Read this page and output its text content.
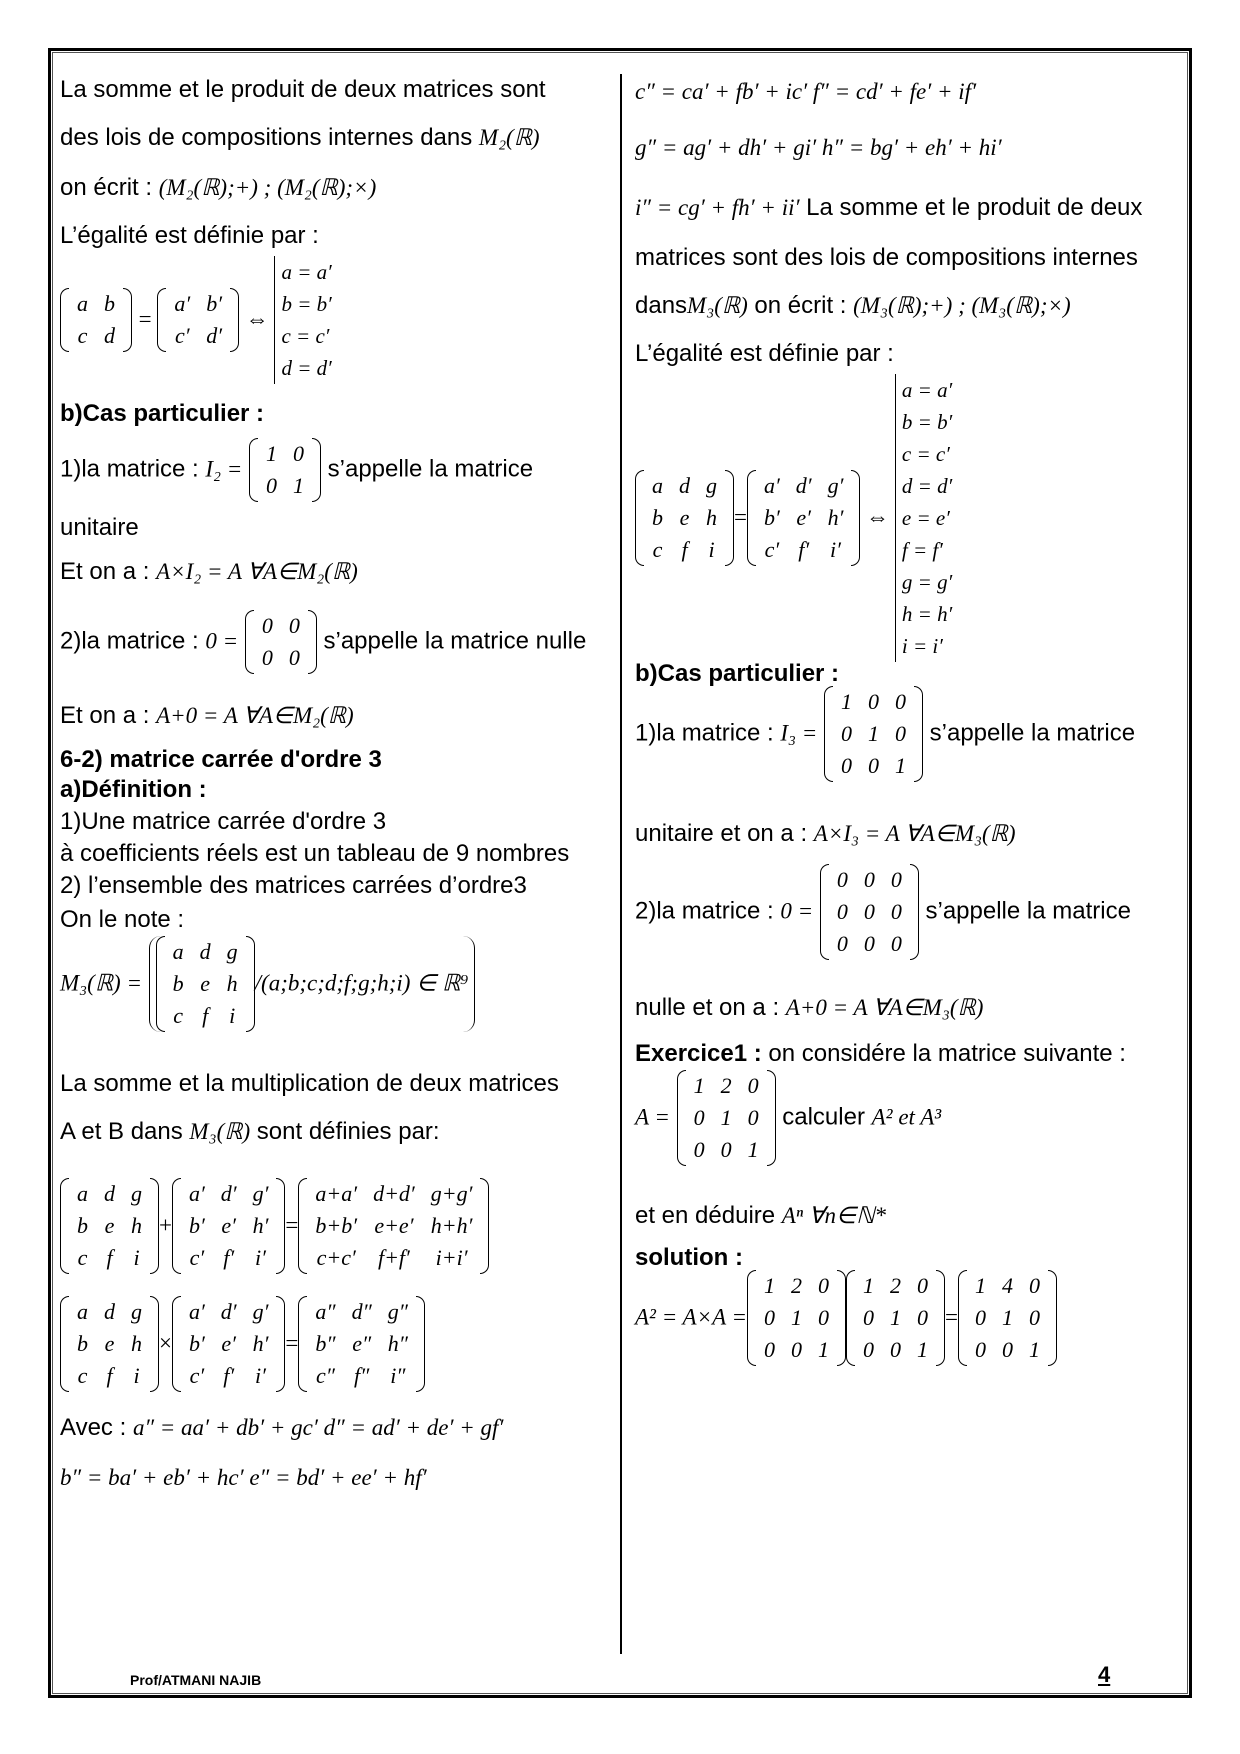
La somme et le produit de deux matrices sont
des lois de compositions internes dans M₂(ℝ)
on écrit : (M₂(ℝ);+) ; (M₂(ℝ);×)
L’égalité est définie par :
a	b
c	d
=
a′	b′
c′	d′
⇔
a = a′
b = b′
c = c′
d = d′
b)Cas particulier :
1)la matrice : I₂ =
1	0
0	1
s’appelle la matrice
unitaire
Et on a : A×I₂ = A ∀A∈M₂(ℝ)
2)la matrice : 0 =
0	0
0	0
s’appelle la matrice nulle
Et on a : A+0 = A ∀A∈M₂(ℝ)
6-2) matrice carrée d'ordre 3
a)Définition :
1)Une matrice carrée d'ordre 3
à coefficients réels est un tableau de 9 nombres
2) l’ensemble des matrices carrées d’ordre3
On le note :
M₃(ℝ) =
a	d	g
b	e	h
c	f	i
/(a;b;c;d;f;g;h;i) ∈ ℝ⁹
La somme et la multiplication de deux matrices
A et B dans M₃(ℝ) sont définies par:
a	d	g
b	e	h
c	f	i
+
a′	d′	g′
b′	e′	h′
c′	f′	i′
=
a+a′	d+d′	g+g′
b+b′	e+e′	h+h′
c+c′	f+f′	i+i′
a	d	g
b	e	h
c	f	i
×
a′	d′	g′
b′	e′	h′
c′	f′	i′
=
a″	d″	g″
b″	e″	h″
c″	f″	i″
Avec : a″ = aa′ + db′ + gc′ d″ = ad′ + de′ + gf′
b″ = ba′ + eb′ + hc′ e″ = bd′ + ee′ + hf′
c″ = ca′ + fb′ + ic′ f″ = cd′ + fe′ + if′
g″ = ag′ + dh′ + gi′ h″ = bg′ + eh′ + hi′
i″ = cg′ + fh′ + ii′ La somme et le produit de deux
matrices sont des lois de compositions internes
dansM₃(ℝ) on écrit : (M₃(ℝ);+) ; (M₃(ℝ);×)
L’égalité est définie par :
a	d	g
b	e	h
c	f	i
=
a′	d′	g′
b′	e′	h′
c′	f′	i′
⇔
a = a′
b = b′
c = c′
d = d′
e = e′
f = f′
g = g′
h = h′
i = i′
b)Cas particulier :
1)la matrice : I₃ =
1	0	0
0	1	0
0	0	1
s’appelle la matrice
unitaire et on a : A×I₃ = A ∀A∈M₃(ℝ)
2)la matrice : 0 =
0	0	0
0	0	0
0	0	0
s’appelle la matrice
nulle et on a : A+0 = A ∀A∈M₃(ℝ)
Exercice1 : on considére la matrice suivante :
A =
1	2	0
0	1	0
0	0	1
calculer A² et A³
et en déduire Aⁿ ∀n∈ℕ*
solution :
A² = A×A =
1	2	0
0	1	0
0	0	1
1	2	0
0	1	0
0	0	1
=
1	4	0
0	1	0
0	0	1
Prof/ATMANI NAJIB	4
